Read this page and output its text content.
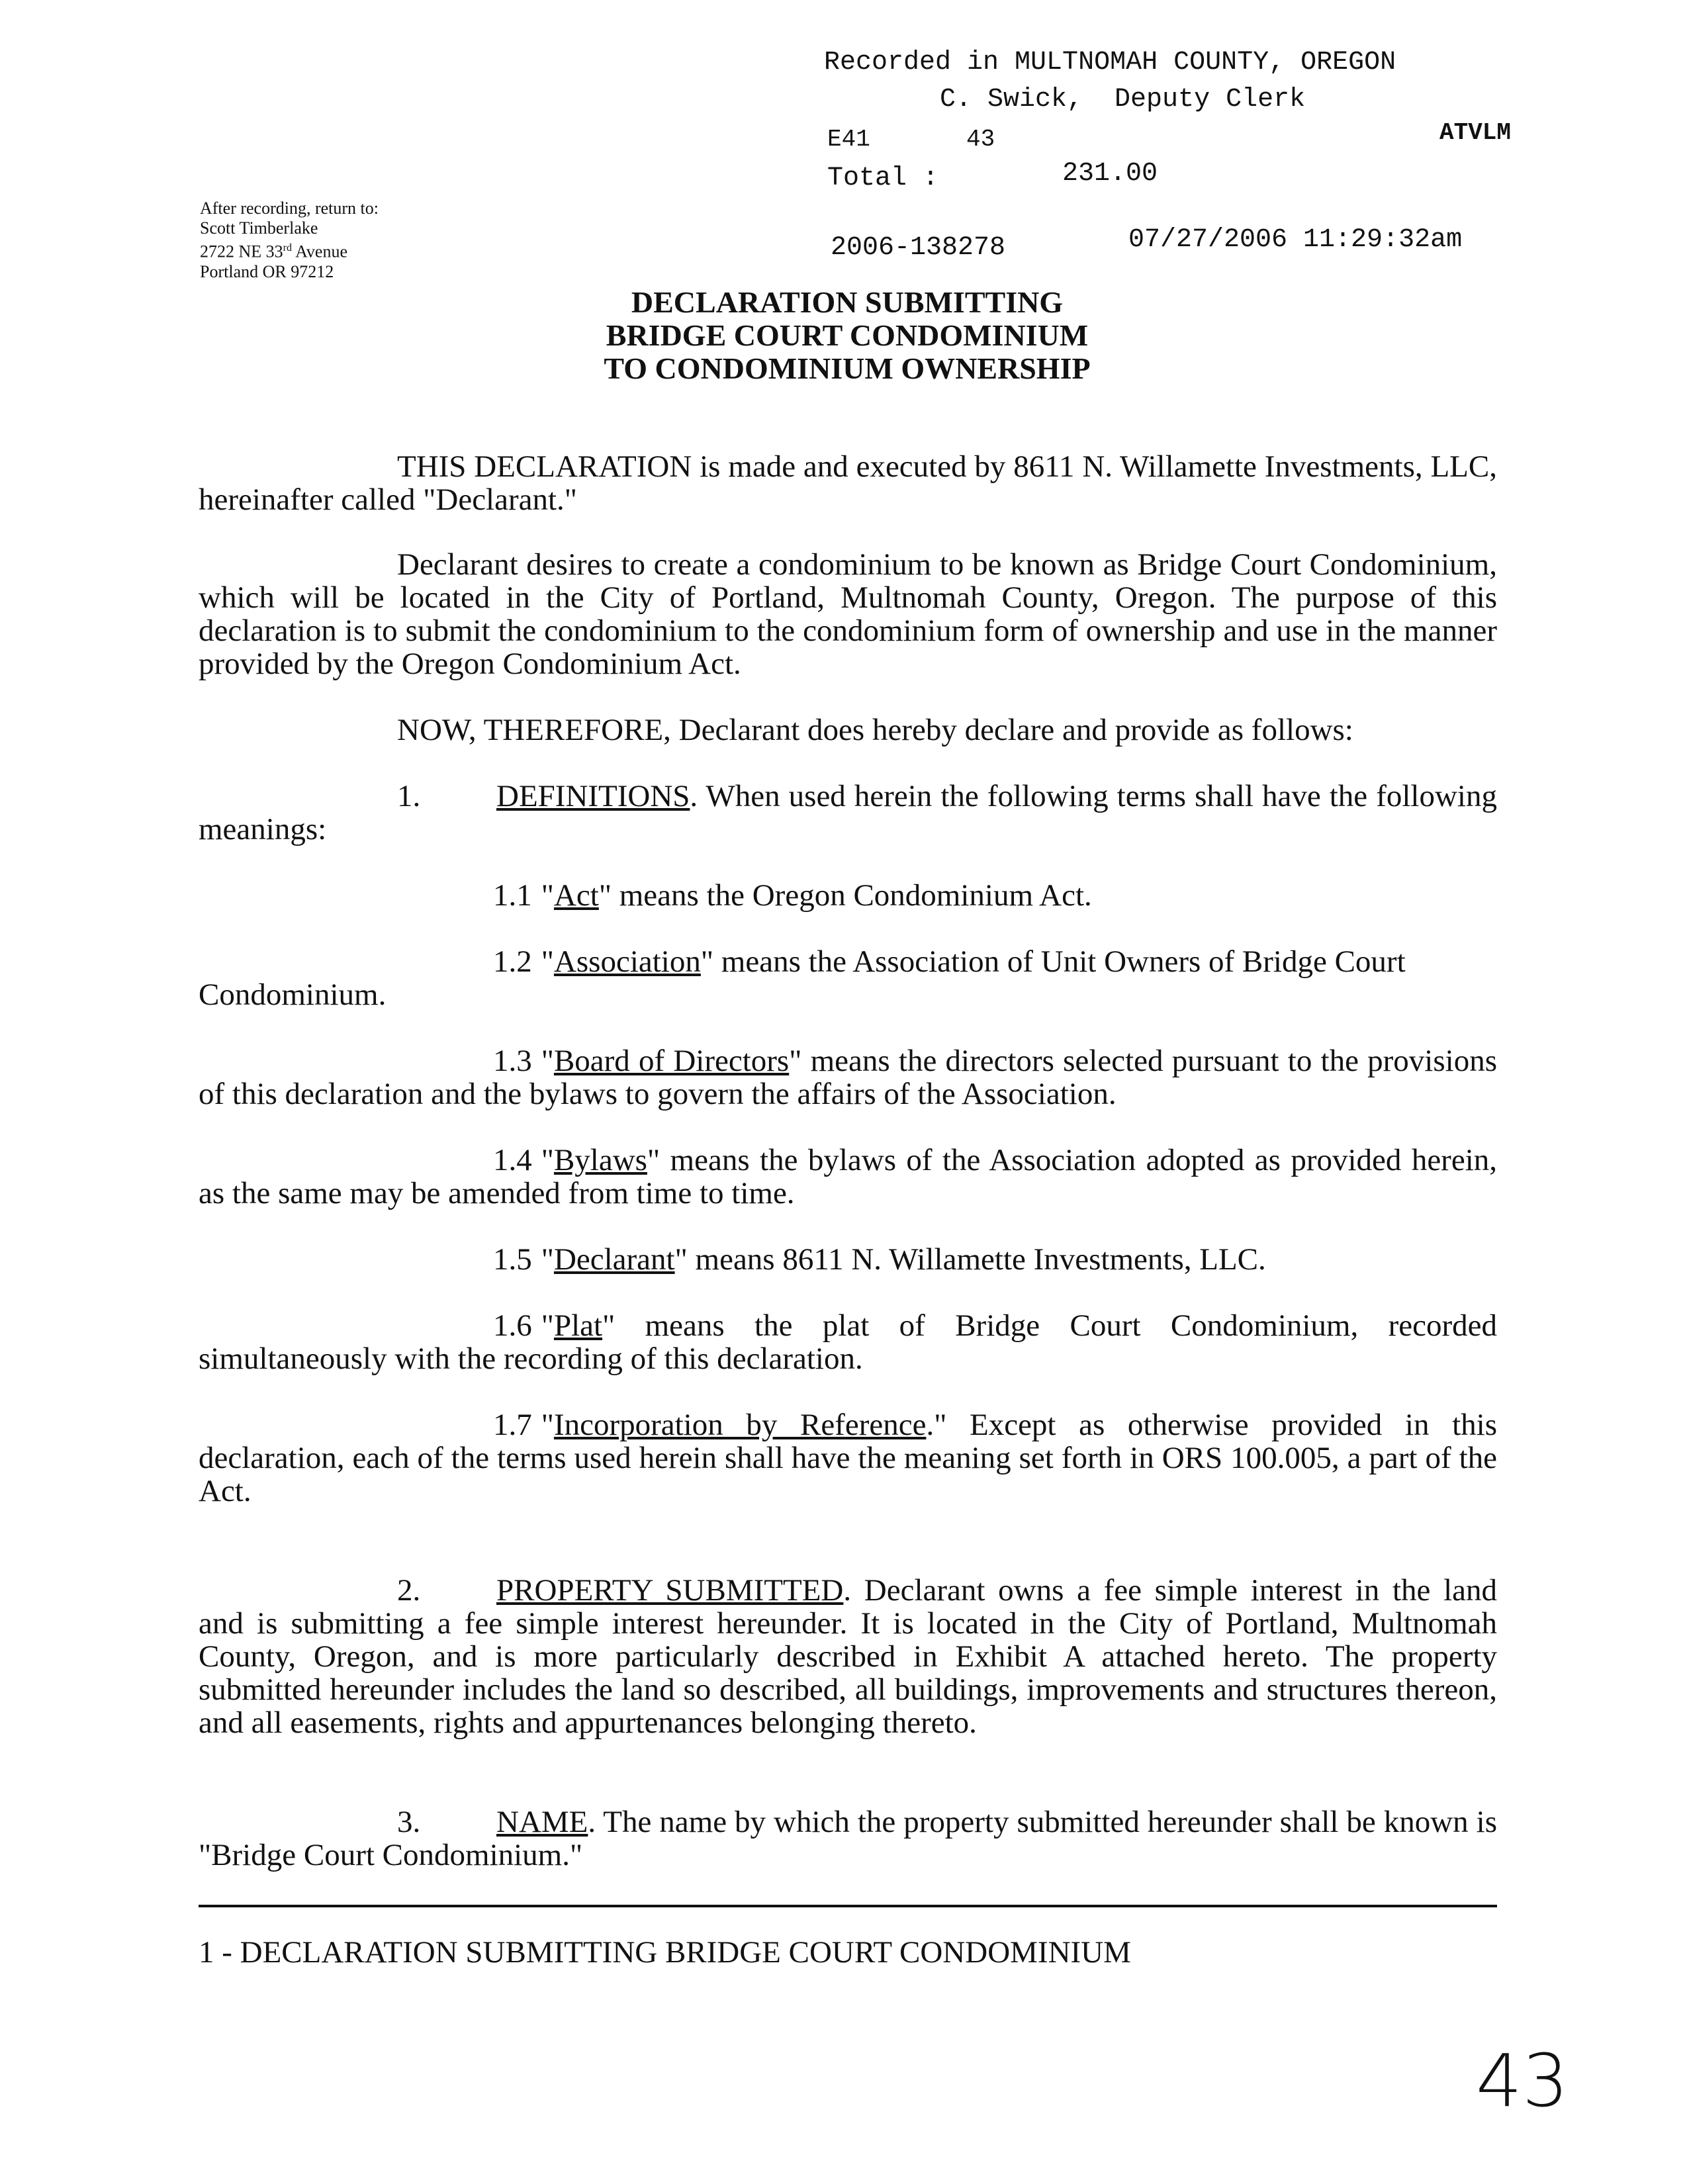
Recorded in MULTNOMAH COUNTY, OREGON
C. Swick,  Deputy Clerk
E41	43	ATVLM
Total :	231.00
2006-138278	07/27/2006 11:29:32am
After recording, return to:
Scott Timberlake
2722 NE 33rd Avenue
Portland OR 97212
DECLARATION SUBMITTING
BRIDGE COURT CONDOMINIUM
TO CONDOMINIUM OWNERSHIP
THIS DECLARATION is made and executed by 8611 N. Willamette Investments, LLC, hereinafter called "Declarant."
Declarant desires to create a condominium to be known as Bridge Court Condominium, which will be located in the City of Portland, Multnomah County, Oregon. The purpose of this declaration is to submit the condominium to the condominium form of ownership and use in the manner provided by the Oregon Condominium Act.
NOW, THEREFORE, Declarant does hereby declare and provide as follows:
1. DEFINITIONS. When used herein the following terms shall have the following meanings:
1.1 "Act" means the Oregon Condominium Act.
1.2 "Association" means the Association of Unit Owners of Bridge Court
Condominium.
1.3 "Board of Directors" means the directors selected pursuant to the provisions of this declaration and the bylaws to govern the affairs of the Association.
1.4 "Bylaws" means the bylaws of the Association adopted as provided herein, as the same may be amended from time to time.
1.5 "Declarant" means 8611 N. Willamette Investments, LLC.
1.6 "Plat" means the plat of Bridge Court Condominium, recorded simultaneously with the recording of this declaration.
1.7 "Incorporation by Reference." Except as otherwise provided in this declaration, each of the terms used herein shall have the meaning set forth in ORS 100.005, a part of the Act.
2. PROPERTY SUBMITTED. Declarant owns a fee simple interest in the land and is submitting a fee simple interest hereunder. It is located in the City of Portland, Multnomah County, Oregon, and is more particularly described in Exhibit A attached hereto. The property submitted hereunder includes the land so described, all buildings, improvements and structures thereon, and all easements, rights and appurtenances belonging thereto.
3. NAME. The name by which the property submitted hereunder shall be known is "Bridge Court Condominium."
1 - DECLARATION SUBMITTING BRIDGE COURT CONDOMINIUM
43
